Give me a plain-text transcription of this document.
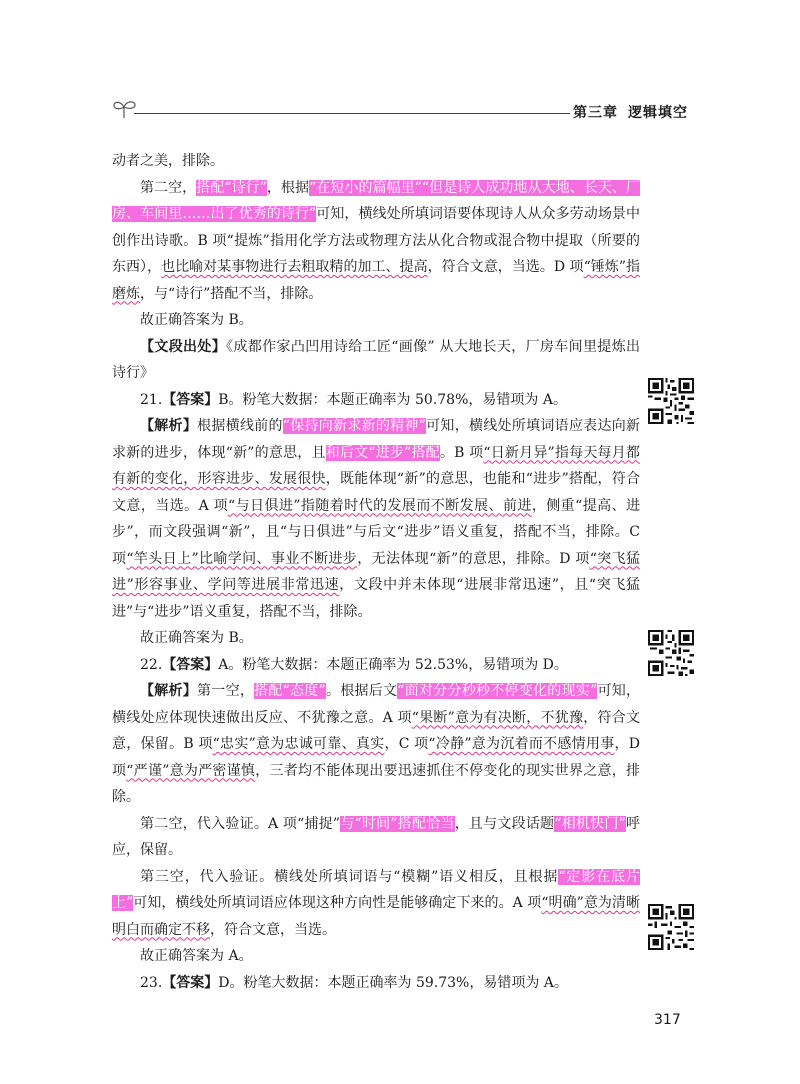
第三章 逻辑填空

动者之美，排除。

第二空，搭配“诗行”，根据“在短小的篇幅里”“但是诗人成功地从大地、长天、厂房、车间里……出了优秀的诗行”可知，横线处所填词语要体现诗人从众多劳动场景中创作出诗歌。B 项“提炼”指用化学方法或物理方法从化合物或混合物中提取（所要的东西），也比喻对某事物进行去粗取精的加工、提高，符合文意，当选。D 项“锤炼”指磨炼，与“诗行”搭配不当，排除。

故正确答案为 B。

【文段出处】《成都作家凸凹用诗给工匠“画像” 从大地长天，厂房车间里提炼出诗行》

21.【答案】B。粉笔大数据：本题正确率为 50.78%，易错项为 A。

【解析】根据横线前的“保持向新求新的精神”可知，横线处所填词语应表达向新求新的进步，体现“新”的意思，且和后文“进步”搭配。B 项“日新月异”指每天每月都有新的变化，形容进步、发展很快，既能体现“新”的意思，也能和“进步”搭配，符合文意，当选。A 项“与日俱进”指随着时代的发展而不断发展、前进，侧重“提高、进步”，而文段强调“新”，且“与日俱进”与后文“进步”语义重复，搭配不当，排除。C 项“竿头日上”比喻学问、事业不断进步，无法体现“新”的意思，排除。D 项“突飞猛进”形容事业、学问等进展非常迅速，文段中并未体现“进展非常迅速”，且“突飞猛进”与“进步”语义重复，搭配不当，排除。

故正确答案为 B。

22.【答案】A。粉笔大数据：本题正确率为 52.53%，易错项为 D。

【解析】第一空，搭配“态度”。根据后文“面对分分秒秒不停变化的现实”可知，横线处应体现快速做出反应、不犹豫之意。A 项“果断”意为有决断，不犹豫，符合文意，保留。B 项“忠实”意为忠诚可靠、真实，C 项“冷静”意为沉着而不感情用事，D 项“严谨”意为严密谨慎，三者均不能体现出要迅速抓住不停变化的现实世界之意，排除。

第二空，代入验证。A 项“捕捉”与“时间”搭配恰当，且与文段话题“相机快门”呼应，保留。

第三空，代入验证。横线处所填词语与“模糊”语义相反，且根据“定影在底片上”可知，横线处所填词语应体现这种方向性是能够确定下来的。A 项“明确”意为清晰明白而确定不移，符合文意，当选。

故正确答案为 A。

23.【答案】D。粉笔大数据：本题正确率为 59.73%，易错项为 A。

317
